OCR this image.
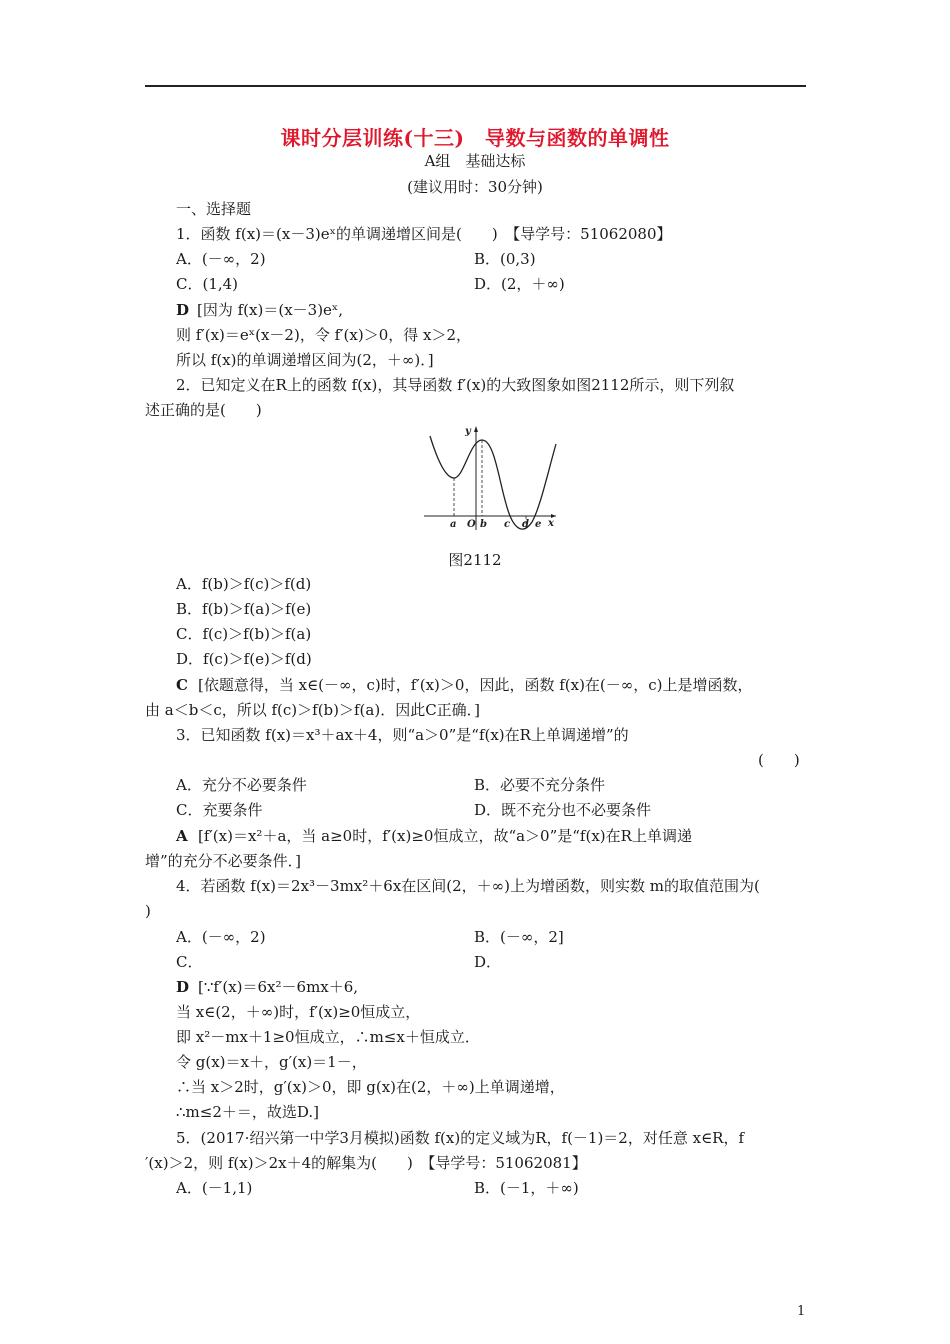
课时分层训练(十三)　导数与函数的单调性
A组　基础达标
(建议用时：30分钟)
一、选择题
1．函数 f(x)＝(x－3)eˣ的单调递增区间是(　　)　【导学号：51062080】
A．(－∞，2)	B．(0,3)
C．(1,4)	D．(2，＋∞)
D [因为 f(x)＝(x－3)eˣ,
则 f′(x)＝eˣ(x－2)，令 f′(x)＞0，得 x＞2，
所以 f(x)的单调递增区间为(2，＋∞)．]
2．已知定义在R上的函数 f(x)，其导函数 f′(x)的大致图象如图2112所示，则下列叙
述正确的是(　　)
y
a O b c d e x
图2112
A．f(b)＞f(c)＞f(d)
B．f(b)＞f(a)＞f(e)
C．f(c)＞f(b)＞f(a)
D．f(c)＞f(e)＞f(d)
C [依题意得，当 x∈(－∞，c)时，f′(x)＞0，因此，函数 f(x)在(－∞，c)上是增函数，
由 a＜b＜c，所以 f(c)＞f(b)＞f(a)．因此C正确．]
3．已知函数 f(x)＝x³＋ax＋4，则“a＞0”是“f(x)在R上单调递增”的
(　　)
A．充分不必要条件	B．必要不充分条件
C．充要条件	D．既不充分也不必要条件
A [f′(x)＝x²＋a，当 a≥0时，f′(x)≥0恒成立，故“a＞0”是“f(x)在R上单调递
增”的充分不必要条件．]
4．若函数 f(x)＝2x³－3mx²＋6x在区间(2，＋∞)上为增函数，则实数 m的取值范围为(
)
A．(－∞，2)	B．(－∞，2]
C．	D．
D [∵f′(x)＝6x²－6mx＋6,
当 x∈(2，＋∞)时，f′(x)≥0恒成立，
即 x²－mx＋1≥0恒成立，∴m≤x＋恒成立．
令 g(x)＝x＋，g′(x)＝1－，
∴当 x＞2时，g′(x)＞0，即 g(x)在(2，＋∞)上单调递增，
∴m≤2＋＝，故选D.]
5．(2017·绍兴第一中学3月模拟)函数 f(x)的定义域为R，f(－1)＝2，对任意 x∈R，f
′(x)＞2，则 f(x)＞2x＋4的解集为(　　)　【导学号：51062081】
A．(－1,1)	B．(－1，＋∞)
1
